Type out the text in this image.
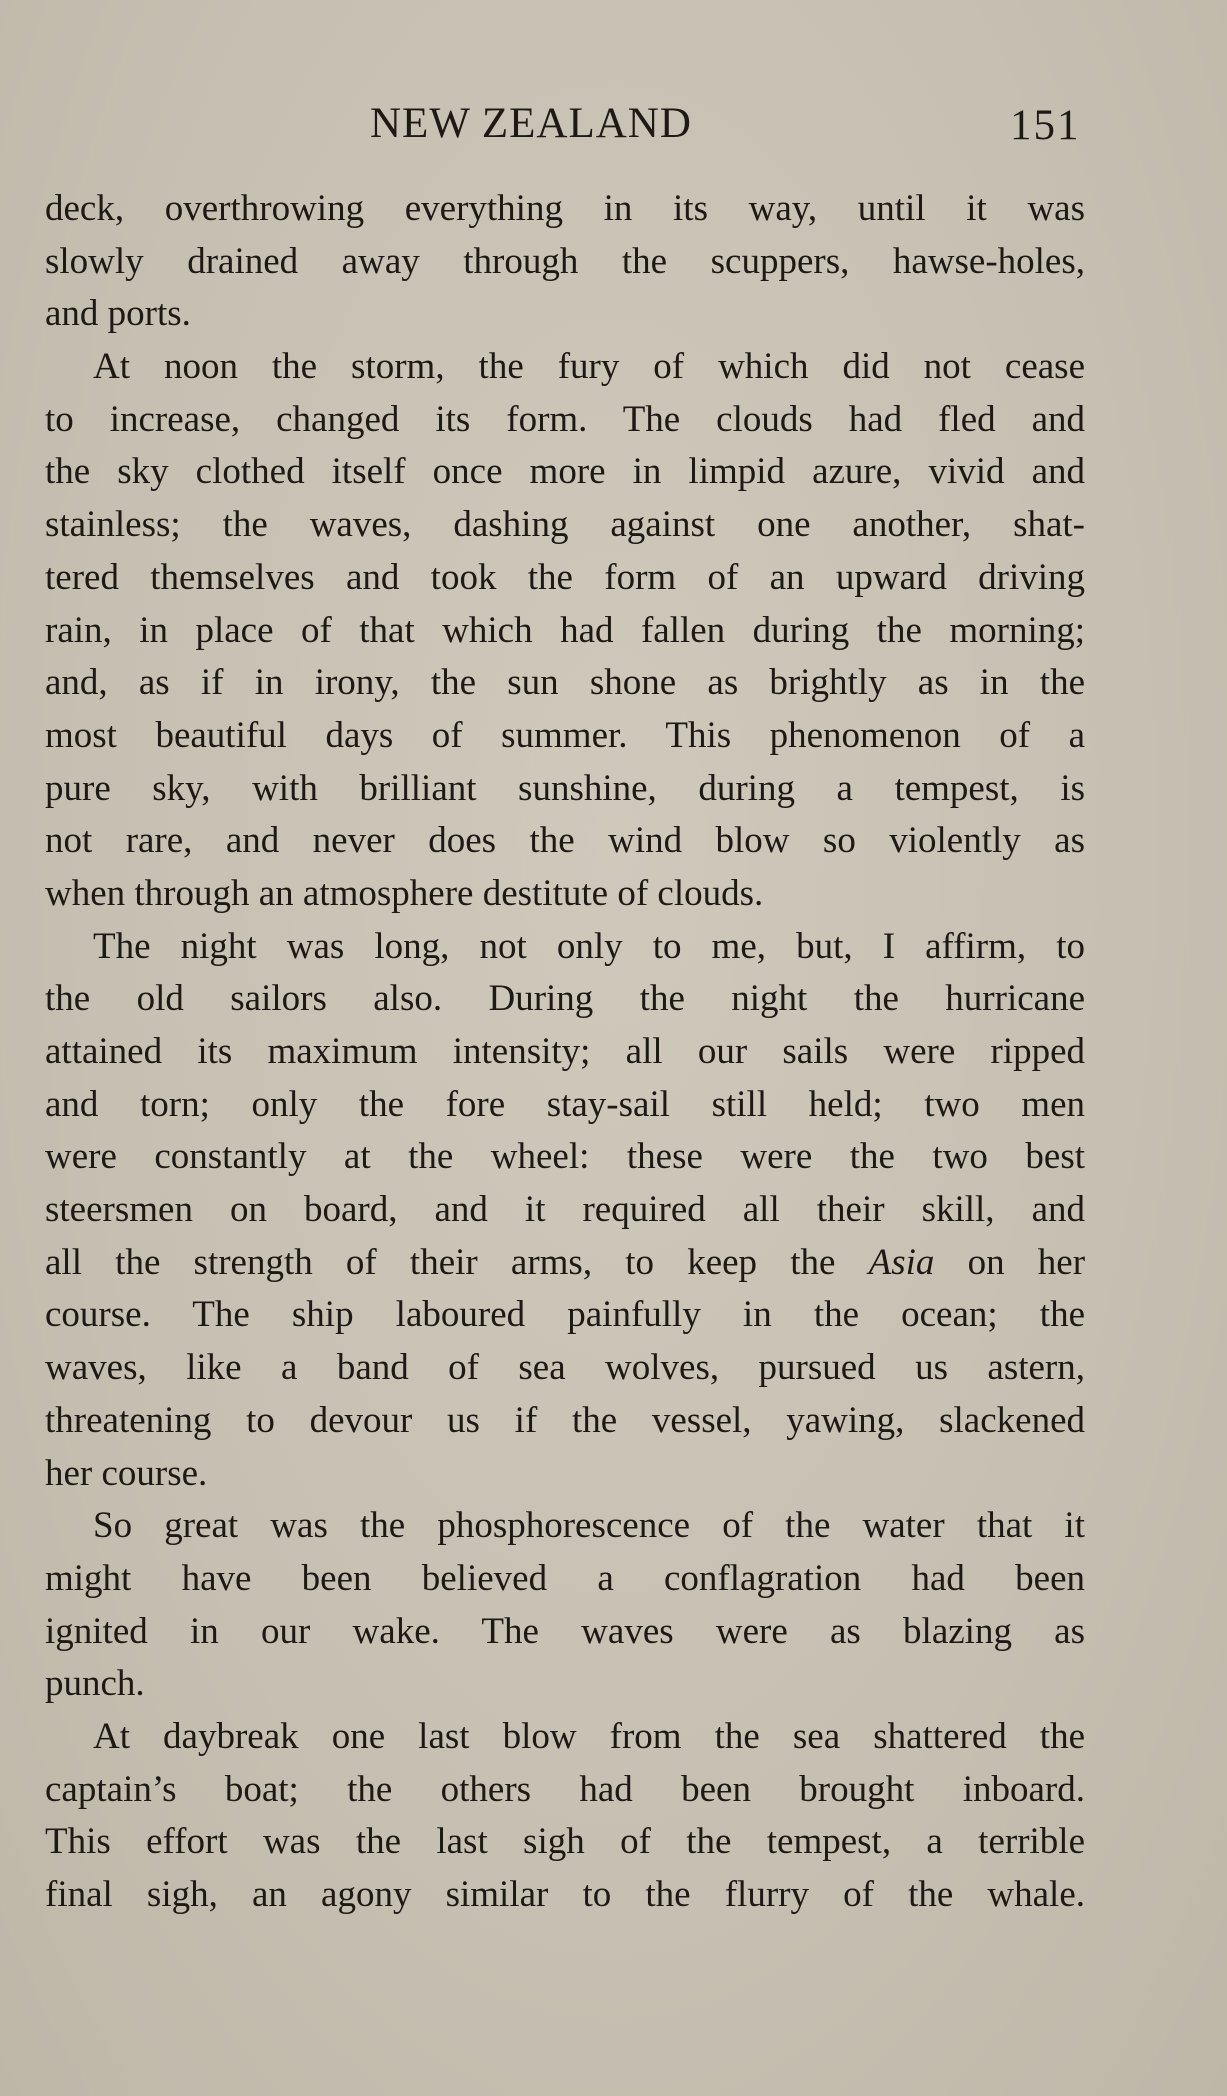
NEW ZEALAND	151
deck, overthrowing everything in its way, until it was
slowly drained away through the scuppers, hawse-holes,
and ports.
At noon the storm, the fury of which did not cease
to increase, changed its form. The clouds had fled and
the sky clothed itself once more in limpid azure, vivid and
stainless; the waves, dashing against one another, shat-
tered themselves and took the form of an upward driving
rain, in place of that which had fallen during the morning;
and, as if in irony, the sun shone as brightly as in the
most beautiful days of summer. This phenomenon of a
pure sky, with brilliant sunshine, during a tempest, is
not rare, and never does the wind blow so violently as
when through an atmosphere destitute of clouds.
The night was long, not only to me, but, I affirm, to
the old sailors also. During the night the hurricane
attained its maximum intensity; all our sails were ripped
and torn; only the fore stay-sail still held; two men
were constantly at the wheel: these were the two best
steersmen on board, and it required all their skill, and
all the strength of their arms, to keep the Asia on her
course. The ship laboured painfully in the ocean; the
waves, like a band of sea wolves, pursued us astern,
threatening to devour us if the vessel, yawing, slackened
her course.
So great was the phosphorescence of the water that it
might have been believed a conflagration had been
ignited in our wake. The waves were as blazing as
punch.
At daybreak one last blow from the sea shattered the
captain’s boat; the others had been brought inboard.
This effort was the last sigh of the tempest, a terrible
final sigh, an agony similar to the flurry of the whale.
